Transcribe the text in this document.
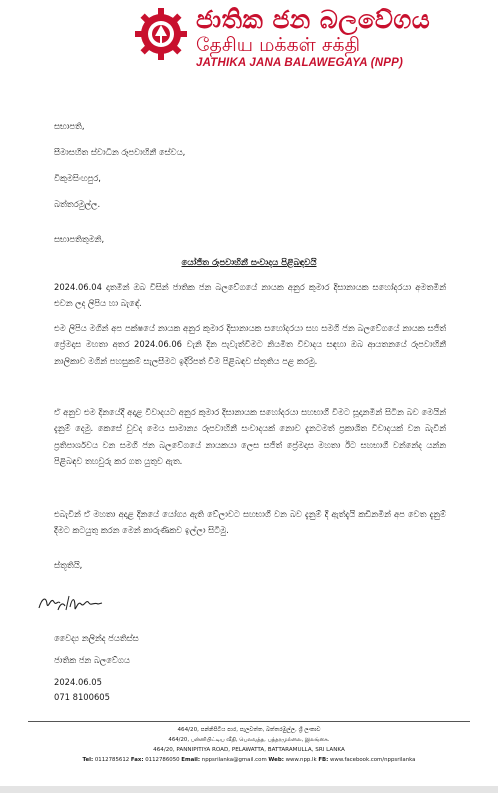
ජාතික ජන බලවේගය
தேசிய மக்கள் சக்தி
JATHIKA JANA BALAWEGAYA (NPP)
සභාපති,
සීමාසහිත ස්වාධීන රූපවාහිනී සේවය,
විකුමසිංහපුර,
බත්තරමුල්ල.
සභාපතිතුමනි,
යෝජිත රූපවාහිනී සංවාදය පිළිබඳවයි
2024.06.04 දාතමින් ඔබ විසින් ජාතික ජන බලවේගයේ නායක අනුර කුමාර දිසානායක සහෝදරයා අමතමින් එවන ලද ලිපිය හා බැඳේ.
එම ලිපිය මගින් අප පක්ෂයේ නායක අනුර කුමාර දිසානායක සහෝදරයා සහ සමගි ජන බලවේගයේ නායක සජිත් ප්‍රේමදාස මහතා අතර 2024.06.06 වැනි දින පැවැත්වීමට නියමිත විවාදය සඳහා ඔබ ආයතනයේ රූපවාහිනී නාලිකාව මගින් පහසුකම් සැලසීමට ඉදිරිපත් වීම පිළිබඳව ස්තූතිය පළ කරමු.
ඒ අනුව එම දිනයේදී අදාළ විවාදයට අනුර කුමාර දිසානායක සහෝදරයා සහභාගී වීමට සූදානමින් සිටින බව මෙයින් දැනුම් දෙමු. කෙසේ වුවද මෙය සාමාන්‍ය රූපවාහිනී සංවාදයක් නොව දැනටමත් ප්‍රකාශිත විවාදයක් වන බැවින් ප්‍රතිපාර්ශවය වන සමගි ජන බලවේගයේ නායකයා ලෙස සජිත් ප්‍රේමදාස මහතා ඊට සහභාගී වන්නේද යන්න පිළිබඳව තහවුරු කර ගත යුතුව ඇත.
එබැවින් ඒ මහතා අදාළ දිනයේ යෝග්‍ය ඇති වේලාවට සහභාගී වන බව දැනුම් දී ඇත්දැයි කඩිනමින් අප වෙත දැනුම් දීමට කටයුතු කරන මෙන් කාරුණිකව ඉල්ලා සිටිමු.
ස්තූතියි,
වෛද්‍ය නලින්ද ජයතිස්ස
ජාතික ජන බලවේගය
2024.06.05
071 8100605
464/20, පන්නිපිටිය පාර, පැලවත්ත, බත්තරමුල්ල, ශ්‍රී ලංකාව
464/20, பன்னிபிட்டிய வீதி, பெலவத்த, பத்தரமுல்லை, இலங்கை.
464/20, PANNIPITIYA ROAD, PELAWATTA, BATTARAMULLA, SRI LANKA
Tel: 0112785612 Fax: 0112786050 Email: nppsrilanka@gmail.com Web: www.npp.lk FB: www.facebook.com/nppsrilanka
